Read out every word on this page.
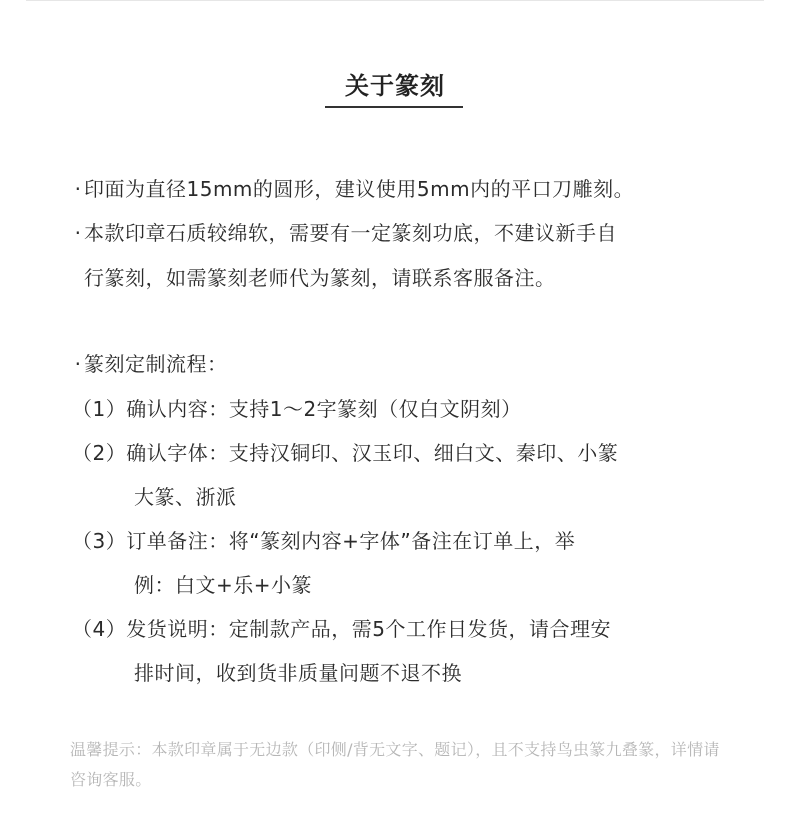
关于篆刻
· 印面为直径15mm的圆形，建议使用5mm内的平口刀雕刻。
· 本款印章石质较绵软，需要有一定篆刻功底，不建议新手自
行篆刻，如需篆刻老师代为篆刻，请联系客服备注。
· 篆刻定制流程：
（1）确认内容：支持1～2字篆刻（仅白文阴刻）
（2）确认字体：支持汉铜印、汉玉印、细白文、秦印、小篆
大篆、浙派
（3）订单备注：将“篆刻内容+字体”备注在订单上，举
例：白文+乐+小篆
（4）发货说明：定制款产品，需5个工作日发货，请合理安
排时间，收到货非质量问题不退不换
温馨提示：本款印章属于无边款（印侧/背无文字、题记），且不支持鸟虫篆九叠篆，详情请咨询客服。
